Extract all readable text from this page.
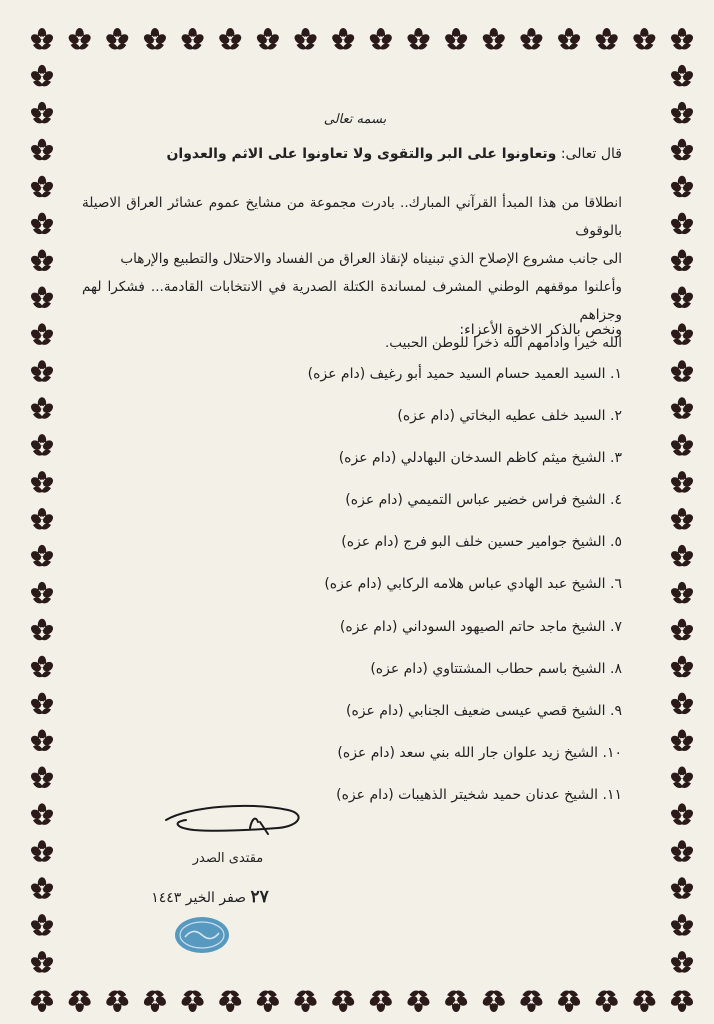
بسمه تعالى
قال تعالى: وتعاونوا على البر والتقوى ولا تعاونوا على الاثم والعدوان
انطلاقا من هذا المبدأ القرآني المبارك.. بادرت مجموعة من مشايخ عموم عشائر العراق الاصيلة بالوقوف
الى جانب مشروع الإصلاح الذي تبنيناه لإنقاذ العراق من الفساد والاحتلال والتطبيع والإرهاب
وأعلنوا موقفهم الوطني المشرف لمساندة الكتلة الصدرية في الانتخابات القادمة... فشكرا لهم وجزاهم
الله خيرا وادامهم الله ذخرا للوطن الحبيب.
ونخص بالذكر الاخوة الأعزاء:
١. السيد العميد حسام السيد حميد أبو رغيف (دام عزه)
٢. السيد خلف عطيه البخاتي (دام عزه)
٣. الشيخ ميثم كاظم السدخان البهادلي (دام عزه)
٤. الشيخ فراس خضير عباس التميمي (دام عزه)
٥. الشيخ جوامير حسين خلف البو فرج (دام عزه)
٦. الشيخ عبد الهادي عباس هلامه الركابي (دام عزه)
٧. الشيخ ماجد حاتم الصيهود السوداني (دام عزه)
٨. الشيخ باسم حطاب المشتتاوي (دام عزه)
٩. الشيخ قصي عيسى ضعيف الجنابي (دام عزه)
١٠. الشيخ زيد علوان جار الله بني سعد (دام عزه)
١١. الشيخ عدنان حميد شخيتر الذهيبات (دام عزه)
مقتدى الصدر
٢٧ صفر الخير ١٤٤٣
